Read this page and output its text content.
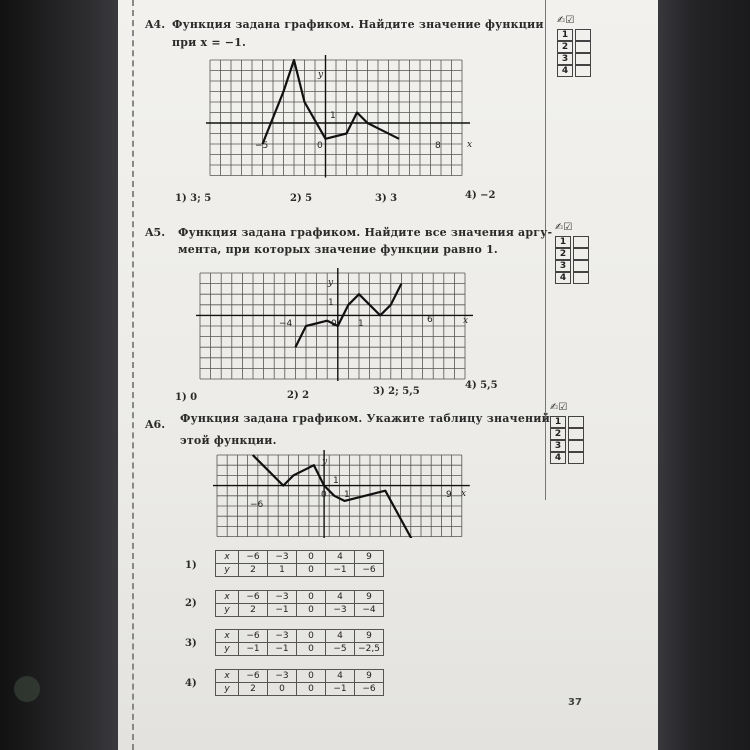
A4. Функция задана графиком. Найдите значение функции
при x = −1.
y
x
1
0
−5	8
1) 3; 5	2) 5	3) 3	4) −2
✍☑
1
2
3
4
A5. Функция задана графиком. Найдите все значения аргу-
мента, при которых значение функции равно 1.
y
x
1
0 1
−4	6
1) 0	2) 2	3) 2; 5,5
4) 5,5
✍☑
1
2
3
4
A6. Функция задана графиком. Укажите таблицу значений
этой функции.
y
x
1
0 1
−6
9
✍☑
1
2
3
4
1)
x	−6	−3	0	4	9
y	2	1	0	−1	−6
2)
x	−6	−3	0	4	9
y	2	−1	0	−3	−4
3)
x	−6	−3	0	4	9
y	−1	−1	0	−5	−2,5
4)
x	−6	−3	0	4	9
y	2	0	0	−1	−6
37
